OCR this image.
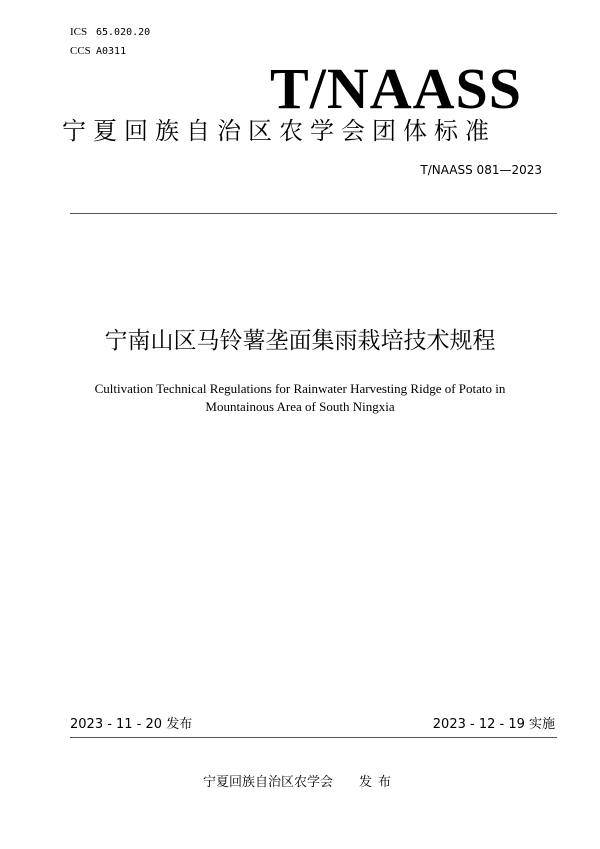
ICS 65.020.20
CCS A0311
T/NAASS
宁夏回族自治区农学会团体标准
T/NAASS 081—2023
宁南山区马铃薯垄面集雨栽培技术规程
Cultivation Technical Regulations for Rainwater Harvesting Ridge of Potato in
Mountainous Area of South Ningxia
2023 - 11 - 20 发布	2023 - 12 - 19 实施
宁夏回族自治区农学会 发布
